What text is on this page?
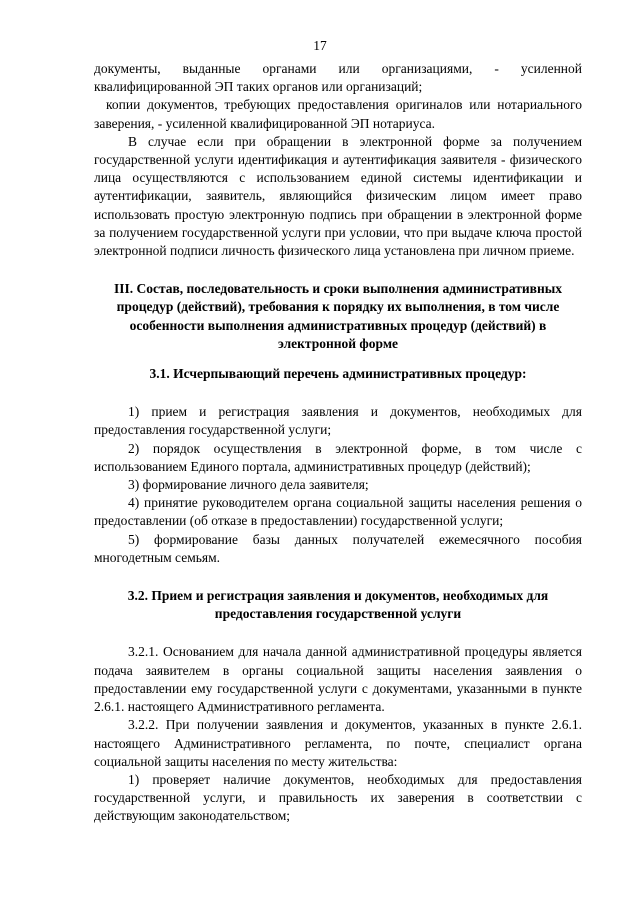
17

документы, выданные органами или организациями, - усиленной квалифицированной ЭП таких органов или организаций;

копии документов, требующих предоставления оригиналов или нотариального заверения, - усиленной квалифицированной ЭП нотариуса.

В случае если при обращении в электронной форме за получением государственной услуги идентификация и аутентификация заявителя - физического лица осуществляются с использованием единой системы идентификации и аутентификации, заявитель, являющийся физическим лицом имеет право использовать простую электронную подпись при обращении в электронной форме за получением государственной услуги при условии, что при выдаче ключа простой электронной подписи личность физического лица установлена при личном приеме.

III. Состав, последовательность и сроки выполнения административных процедур (действий), требования к порядку их выполнения, в том числе особенности выполнения административных процедур (действий) в электронной форме
3.1. Исчерпывающий перечень административных процедур:

1) прием и регистрация заявления и документов, необходимых для предоставления государственной услуги;

2) порядок осуществления в электронной форме, в том числе с использованием Единого портала, административных процедур (действий);

3) формирование личного дела заявителя;

4) принятие руководителем органа социальной защиты населения решения о предоставлении (об отказе в предоставлении) государственной услуги;

5) формирование базы данных получателей ежемесячного пособия многодетным семьям.

3.2. Прием и регистрация заявления и документов, необходимых для предоставления государственной услуги

3.2.1. Основанием для начала данной административной процедуры является подача заявителем в органы социальной защиты населения заявления о предоставлении ему государственной услуги с документами, указанными в пункте 2.6.1. настоящего Административного регламента.

3.2.2. При получении заявления и документов, указанных в пункте 2.6.1. настоящего Административного регламента, по почте, специалист органа социальной защиты населения по месту жительства:

1) проверяет наличие документов, необходимых для предоставления государственной услуги, и правильность их заверения в соответствии с действующим законодательством;
